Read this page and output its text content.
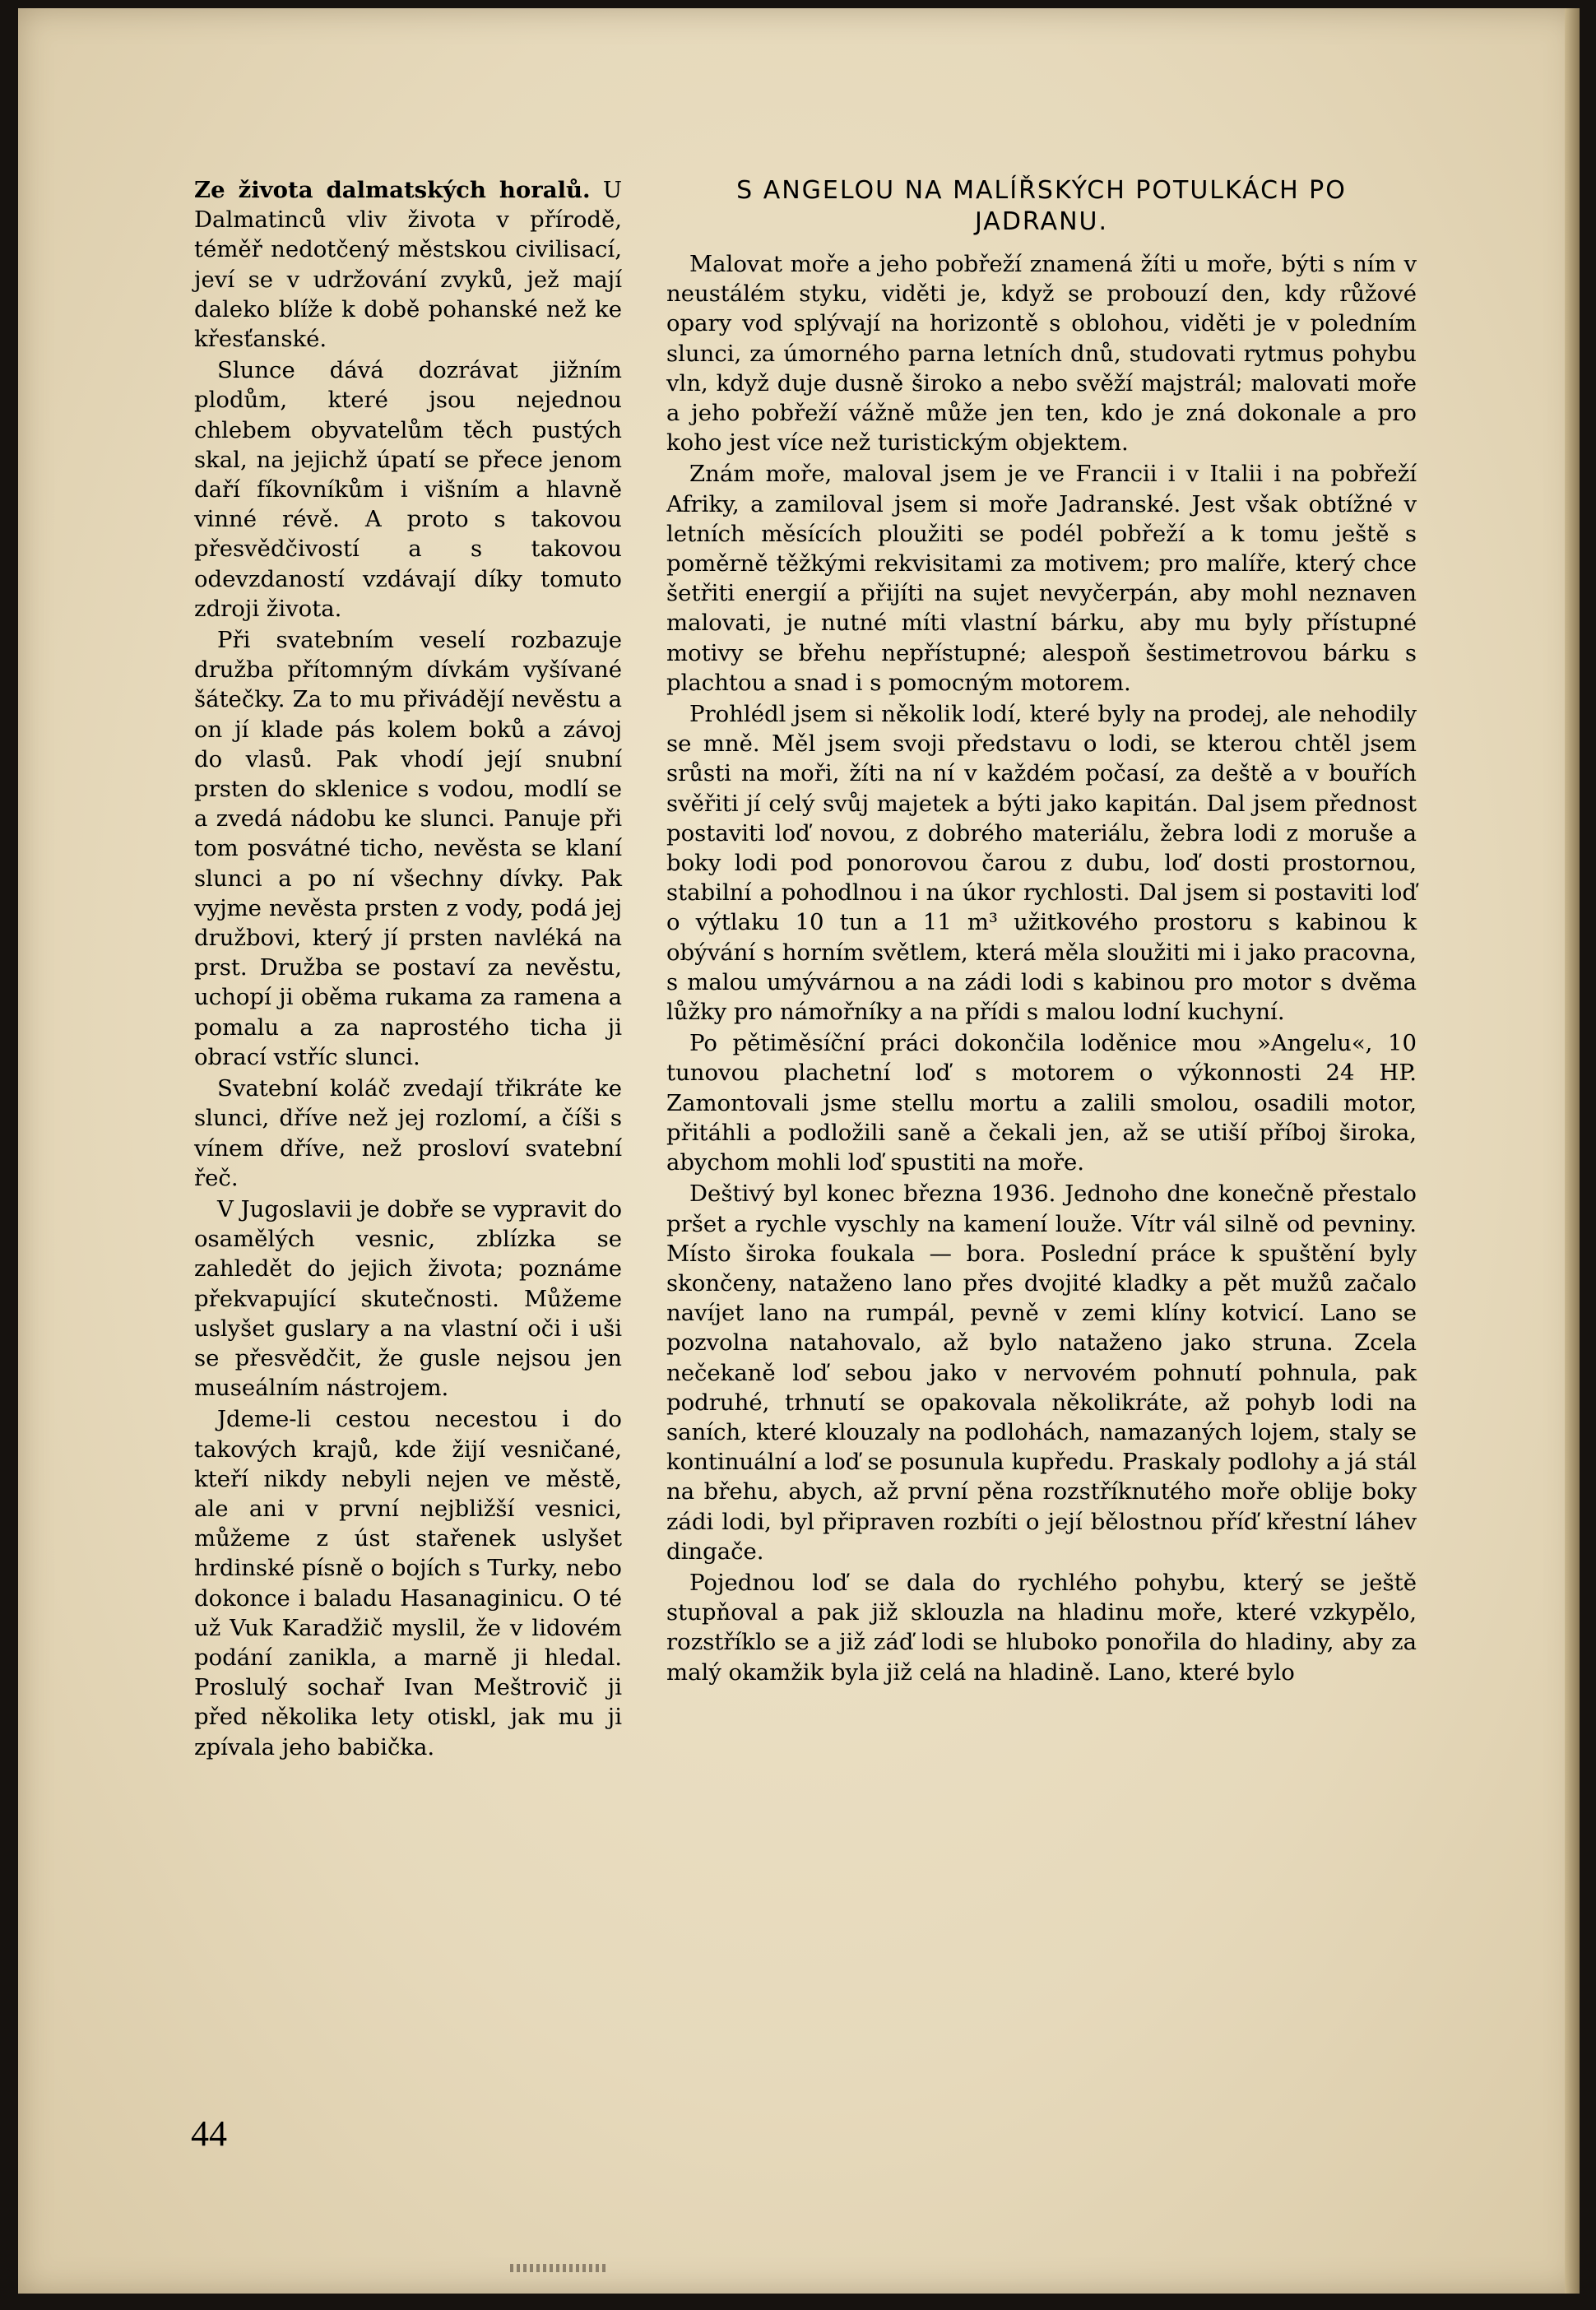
Ze života dalmatských horalů. U Dalmatinců vliv života v přírodě, téměř nedotčený městskou civilisací, jeví se v udržování zvyků, jež mají daleko blíže k době pohanské než ke křesťanské.

Slunce dává dozrávat jižním plodům, které jsou nejednou chlebem obyvatelům těch pustých skal, na jejichž úpatí se přece jenom daří fíkovníkům i višním a hlavně vinné révě. A proto s takovou přesvědčivostí a s takovou odevzdaností vzdávají díky tomuto zdroji života.

Při svatebním veselí rozbazuje družba přítomným dívkám vyšívané šátečky. Za to mu přivádějí nevěstu a on jí klade pás kolem boků a závoj do vlasů. Pak vhodí její snubní prsten do sklenice s vodou, modlí se a zvedá nádobu ke slunci. Panuje při tom posvátné ticho, nevěsta se klaní slunci a po ní všechny dívky. Pak vyjme nevěsta prsten z vody, podá jej družbovi, který jí prsten navléká na prst. Družba se postaví za nevěstu, uchopí ji oběma rukama za ramena a pomalu a za naprostého ticha ji obrací vstříc slunci.

Svatební koláč zvedají třikráte ke slunci, dříve než jej rozlomí, a číši s vínem dříve, než prosloví svatební řeč.

V Jugoslavii je dobře se vypravit do osamělých vesnic, zblízka se zahledět do jejich života; poznáme překvapující skutečnosti. Můžeme uslyšet guslary a na vlastní oči i uši se přesvědčit, že gusle nejsou jen museálním nástrojem.

Jdeme-li cestou necestou i do takových krajů, kde žijí vesničané, kteří nikdy nebyli nejen ve městě, ale ani v první nejbližší vesnici, můžeme z úst stařenek uslyšet hrdinské písně o bojích s Turky, nebo dokonce i baladu Hasanaginicu. O té už Vuk Karadžič myslil, že v lidovém podání zanikla, a marně ji hledal. Proslulý sochař Ivan Meštrovič ji před několika lety otiskl, jak mu ji zpívala jeho babička.

S ANGELOU NA MALÍŘSKÝCH POTULKÁCH PO JADRANU.

Malovat moře a jeho pobřeží znamená žíti u moře, býti s ním v neustálém styku, viděti je, když se probouzí den, kdy růžové opary vod splývají na horizontě s oblohou, viděti je v poledním slunci, za úmorného parna letních dnů, studovati rytmus pohybu vln, když duje dusně široko a nebo svěží majstrál; malovati moře a jeho pobřeží vážně může jen ten, kdo je zná dokonale a pro koho jest více než turistickým objektem.

Znám moře, maloval jsem je ve Francii i v Italii i na pobřeží Afriky, a zamiloval jsem si moře Jadranské. Jest však obtížné v letních měsících ploužiti se podél pobřeží a k tomu ještě s poměrně těžkými rekvisitami za motivem; pro malíře, který chce šetřiti energií a přijíti na sujet nevyčerpán, aby mohl neznaven malovati, je nutné míti vlastní bárku, aby mu byly přístupné motivy se břehu nepřístupné; alespoň šestimetrovou bárku s plachtou a snad i s pomocným motorem.

Prohlédl jsem si několik lodí, které byly na prodej, ale nehodily se mně. Měl jsem svoji představu o lodi, se kterou chtěl jsem srůsti na moři, žíti na ní v každém počasí, za deště a v bouřích svěřiti jí celý svůj majetek a býti jako kapitán. Dal jsem přednost postaviti loď novou, z dobrého materiálu, žebra lodi z moruše a boky lodi pod ponorovou čarou z dubu, loď dosti prostornou, stabilní a pohodlnou i na úkor rychlosti. Dal jsem si postaviti loď o výtlaku 10 tun a 11 m³ užitkového prostoru s kabinou k obývání s horním světlem, která měla sloužiti mi i jako pracovna, s malou umývárnou a na zádi lodi s kabinou pro motor s dvěma lůžky pro námořníky a na přídi s malou lodní kuchyní.

Po pětiměsíční práci dokončila loděnice mou »Angelu«, 10 tunovou plachetní loď s motorem o výkonnosti 24 HP. Zamontovali jsme stellu mortu a zalili smolou, osadili motor, přitáhli a podložili saně a čekali jen, až se utiší příboj široka, abychom mohli loď spustiti na moře.

Deštivý byl konec března 1936. Jednoho dne konečně přestalo pršet a rychle vyschly na kamení louže. Vítr vál silně od pevniny. Místo široka foukala — bora. Poslední práce k spuštění byly skončeny, nataženo lano přes dvojité kladky a pět mužů začalo navíjet lano na rumpál, pevně v zemi klíny kotvicí. Lano se pozvolna natahovalo, až bylo nataženo jako struna. Zcela nečekaně loď sebou jako v nervovém pohnutí pohnula, pak podruhé, trhnutí se opakovala několikráte, až pohyb lodi na saních, které klouzaly na podlohách, namazaných lojem, staly se kontinuální a loď se posunula kupředu. Praskaly podlohy a já stál na břehu, abych, až první pěna rozstříknutého moře oblije boky zádi lodi, byl připraven rozbíti o její bělostnou příď křestní láhev dingače.

Pojednou loď se dala do rychlého pohybu, který se ještě stupňoval a pak již sklouzla na hladinu moře, které vzkypělo, rozstříklo se a již záď lodi se hluboko ponořila do hladiny, aby za malý okamžik byla již celá na hladině. Lano, které bylo

44
